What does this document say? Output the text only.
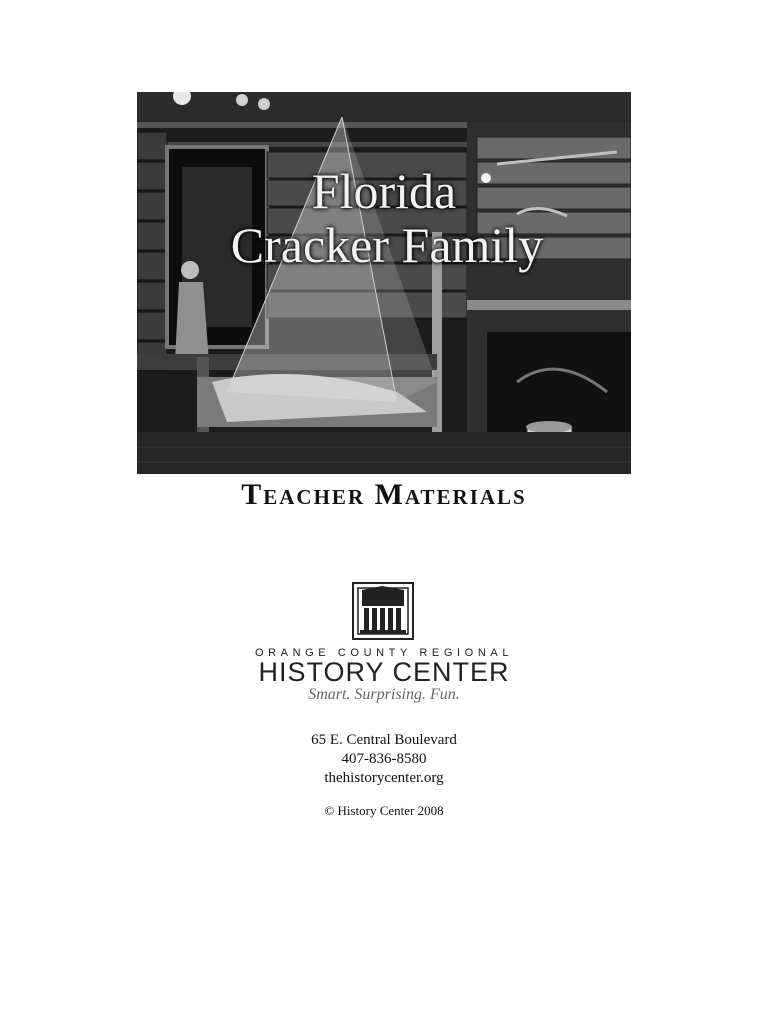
Florida
Cracker Family
Teacher Materials
ORANGE COUNTY REGIONAL
HISTORY CENTER
Smart. Surprising. Fun.
65 E. Central Boulevard
407-836-8580
thehistorycenter.org
© History Center 2008
